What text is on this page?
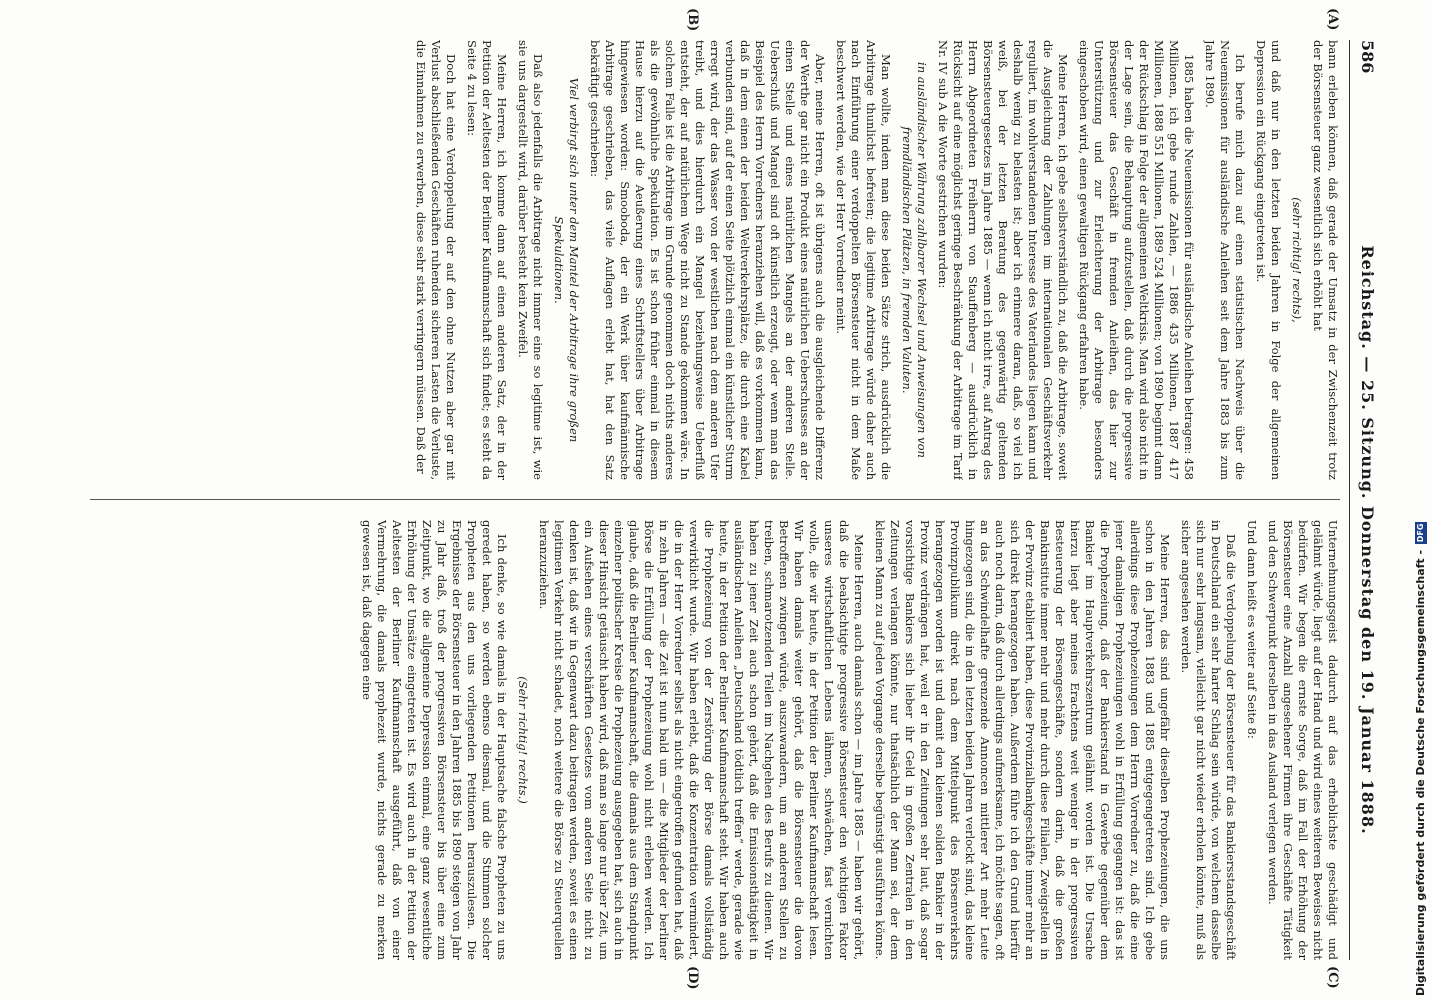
586
Reichstag. — 25. Sitzung. Donnerstag den 19. Januar 1888.
(A)
(B)
(C)
(D)

bann erleben können, daß gerade der Umsatz in der Zwischenzeit trotz der Börsensteuer ganz wesentlich sich erhöht hat

(sehr richtig! rechts),

und daß nur in den letzten beiden Jahren in Folge der allgemeinen Depression ein Rückgang eingetreten ist.

Ich berufe mich dazu auf einen statistischen Nachweis über die Neuemissionen für ausländische Anleihen seit dem Jahre 1883 bis zum Jahre 1890.

1885 haben die Neuemissionen für ausländische Anleihen betragen: 458 Millionen, ich gebe runde Zahlen, — 1886 435 Millionen, 1887 417 Millionen, 1888 551 Millionen, 1889 524 Millionen; von 1890 beginnt dann der Rückschlag in Folge der allgemeinen Weltkrisis. Man wird also nicht in der Lage sein, die Behauptung aufzustellen, daß durch die progressive Börsensteuer das Geschäft in fremden Anleihen, das hier zur Unterstützung und zur Erleichterung der Arbitrage besonders eingeschoben wird, einen gewaltigen Rückgang erfahren habe.

Meine Herren, ich gebe selbstverständlich zu, daß die Arbitrage, soweit die Ausgleichung der Zahlungen im internationalen Geschäftsverkehr reguliert, im wohlverstandenen Interesse des Vaterlandes liegen kann und deshalb wenig zu belasten ist; aber ich erinnere daran, daß, so viel ich weiß, bei der letzten Beratung des gegenwärtig geltenden Börsensteuergesetzes im Jahre 1885 — wenn ich nicht irre, auf Antrag des Herrn Abgeordneten Freiherrn von Stauffenberg — ausdrücklich in Rücksicht auf eine möglichst geringe Beschränkung der Arbitrage im Tarif Nr. IV sub A die Worte gestrichen wurden:

in ausländischer Währung zahlbarer Wechsel und Anweisungen von fremdländischen Plätzen, in fremden Valuten.

Man wollte, indem man diese beiden Sätze strich, ausdrücklich die Arbitrage thunlichst befreien; die legitime Arbitrage würde daher auch nach Einführung einer verdoppelten Börsensteuer nicht in dem Maße beschwert werden, wie der Herr Vorredner meint.

Aber, meine Herren, oft ist übrigens auch die ausgleichende Differenz der Werthe gar nicht ein Produkt eines natürlichen Ueberschusses an der einen Stelle und eines natürlichen Mangels an der anderen Stelle. Ueberschuß und Mangel sind oft künstlich erzeugt, oder wenn man das Beispiel des Herrn Vorredners heranziehen will, daß es vorkommen kann, daß in dem einen der beiden Weltverkehrsplätze, die durch eine Kabel verbunden sind, auf der einen Seite plötzlich einmal ein künstlicher Sturm erregt wird, der das Wasser von der westlichen nach dem anderen Ufer treibt, und dies hierdurch ein Mangel beziehungsweise Ueberfluß entsteht, der auf natürlichem Wege nicht zu Stande gekommen wäre. In solchem Falle ist die Arbitrage im Grunde genommen doch nichts anderes als die gewöhnliche Spekulation. Es ist schon früher einmal in diesem Hause hierzu auf die Aeußerung eines Schriftstellers über Arbitrage hingewiesen worden: Smooboda, der ein Werk über kaufmännische Arbitrage geschrieben, das viele Auflagen erlebt hat, hat den Satz bekräftigt geschrieben:

Viel verbirgt sich unter dem Mantel der Arbitrage ihre großen Spekulationen.

Daß also jedenfalls die Arbitrage nicht immer eine so legitime ist, wie sie uns dargestellt wird, darüber besteht kein Zweifel.

Meine Herren, ich komme dann auf einen anderen Satz, der in der Petition der Aeltesten der Berliner Kaufmannschaft sich findet; es steht da Seite 4 zu lesen:

Doch hat eine Verdoppelung der auf den ohne Nutzen aber gar mit Verlust abschließenden Geschäften ruhenden sicheren Lasten die Verluste, die Einnahmen zu erwerben, diese sehr stark verringern müssen. Daß der

Unternehmungsgeist dadurch auf das erheblichste geschädigt und gelähmt würde, liegt auf der Hand und wird eines weiteren Beweises nicht bedürfen. Wir begen die ernste Sorge, daß im Fall der Erhöhung der Börsensteuer eine Anzahl angesehener Firmen ihre Geschäfte Tätigkeit und den Schwerpunkt derselben in das Ausland verlegen werden.

Und dann heißt es weiter auf Seite 8:

Daß die Verdoppelung der Börsensteuer für das Bankiersstandsgeschäft in Deutschland ein sehr harter Schlag sein würde, von welchem dasselbe sich nur sehr langsam, vielleicht gar nicht wieder erholen könnte, muß als sicher angesehen werden.

Meine Herren, das sind ungefähr dieselben Prophezeiungen, die uns schon in den Jahren 1883 und 1885 entgegengetreten sind. Ich gebe allerdings diese Prophezeiungen dem Herrn Vorredner zu, daß die eine jener damaligen Prophezeiungen wohl in Erfüllung gegangen ist: das ist die Prophezeiung, daß der Bankierstand in Gewerbe gegenüber dem Bankier im Hauptverkehrszentrum gelähmt worden ist. Die Ursache hierzu liegt aber meines Erachtens weit weniger in der progressiven Besteuerung der Börsengeschäfte, sondern darin, daß die großen Bankinstitute immer mehr und mehr durch diese Filialen, Zweigstellen in der Provinz etabliert haben, diese Provinzialbankgeschäfte immer mehr an sich direkt herangezogen haben. Außerdem führe ich den Grund hierfür auch noch darin, daß durch allerdings aufmerksame, ich möchte sagen, oft an das Schwindelhafte grenzende Annoncen mittlerer Art mehr Leute hingezogen sind, die in den letzten beiden Jahren verlockt sind, das kleine Provinzpublikum direkt nach dem Mittelpunkt des Börsenverkehrs herangezogen worden ist und damit den kleinen soliden Bankier in der Provinz verdrängen hat, weil er in den Zeitungen sehr laut, daß sogar vorsichtige Bankiers sich lieber ihr Geld in großen Zentralen in den Zeitungen verlangen könnte, nur thatsächlich der Mann sei, der dem kleinen Mann zu auf jeden Vorgange derselbe begünstigt ausführen könne.

Meine Herren, auch damals schon — im Jahre 1885 — haben wir gehört, daß die beabsichtigte progressive Börsensteuer den wichtigen Faktor unseres wirtschaftlichen Lebens lähmen, schwächen, fast vernichten wolle, die wir heute, in der Petition der Berliner Kaufmannschaft lesen. Wir haben damals weiter gehört, daß die Börsensteuer die davon Betroffenen zwingen würde, auszuwandern, um an anderen Stellen zu treiben, schmarotzenden Teilen im Nachgehen des Berufs zu dienen. Wir haben zu jener Zeit auch schon gehört, daß die Emissionsthätigkeit in ausländischen Anleihen „Deutschland tödtlich treffen“ werde, gerade wie heute, in der Petition der Berliner Kaufmannschaft steht. Wir haben auch die Prophezeiung von der Zerstörung der Börse damals vollständig verwirklicht wurde. Wir haben erlebt, daß die Konzentration vermindert, die in der Herr Vorredner selbst als nicht eingetroffen gefunden hat, daß in zehn Jahren — die Zeit ist nun bald um — die Mitglieder der berliner Börse die Erfüllung der Prophezeiung wohl nicht erleben werden. Ich glaube, daß die Berliner Kaufmannschaft, die damals aus dem Standpunkt einzelner politischer Kreise die Prophezeiung ausgegeben hat, sich auch in dieser Hinsicht getäuscht haben wird, daß man so lange nur über Zeit, um ein Aufsehen eines verschärften Gesetzes vom anderen Seite nicht zu denken ist, daß wir in Gegenwart dazu beitragen werden, soweit es einen legitimen Verkehr nicht schadet, noch weitere die Börse zu Steuerquellen heranzuziehen.

(Sehr richtig! rechts.)

Ich denke, so wie damals in der Hauptsache falsche Propheten zu uns geredet haben, so werden ebenso diesmal, und die Stimmen solcher Propheten aus den uns vorliegenden Petitionen herauszulesen. Die Ergebnisse der Börsensteuer in den Jahren 1885 bis 1890 steigen von Jahr zu Jahr daß, troß der progressiven Börsensteuer bis über eine zum Zeitpunkt, wo die allgemeine Depression einmal, eine ganz wesentliche Erhöhung der Umsätze eingetreten ist. Es wird auch in der Petition der Aeltesten der Berliner Kaufmannschaft ausgeführt, daß von einer Vermehrung, die damals prophezeit wurde, nichts gerade zu merken gewesen ist, daß dagegen eine	Digitalisierung gefördert durch die Deutsche Forschungsgemeinschaft -
DFG
